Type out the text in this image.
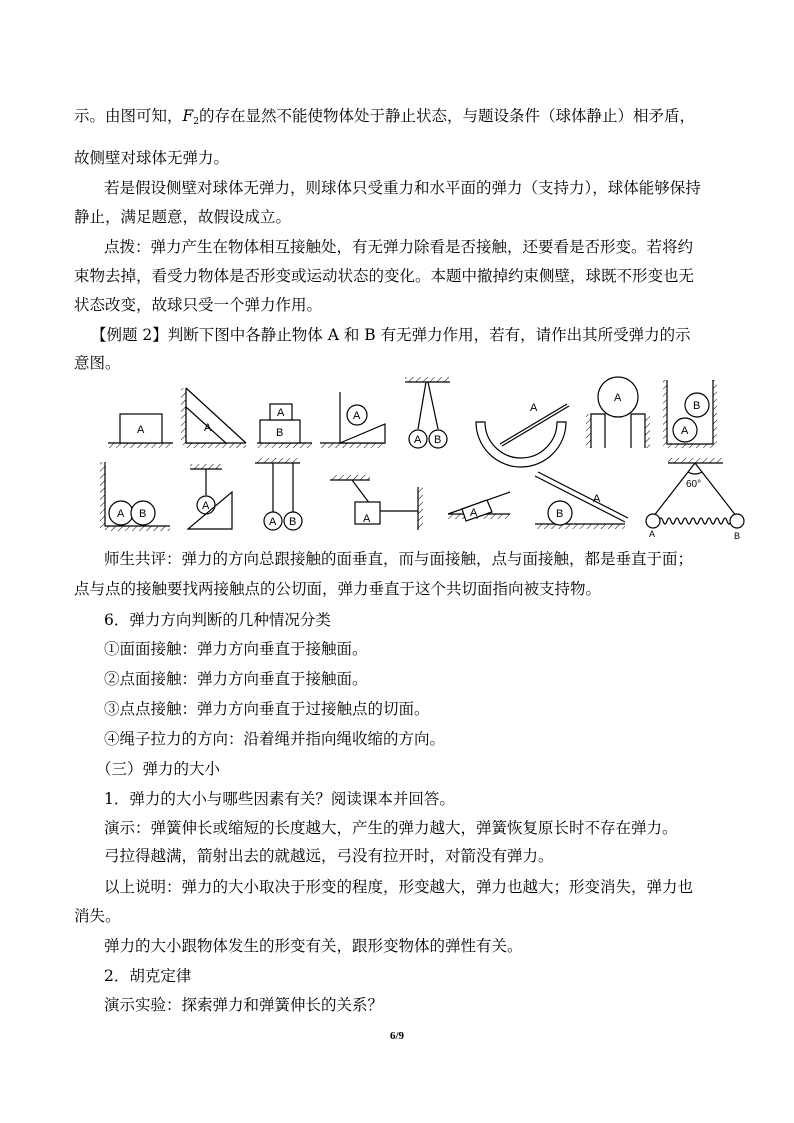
示。由图可知，$F_2$的存在显然不能使物体处于静止状态，与题设条件（球体静止）相矛盾，
故侧壁对球体无弹力。
若是假设侧壁对球体无弹力，则球体只受重力和水平面的弹力（支持力），球体能够保持
静止，满足题意，故假设成立。
点拨：弹力产生在物体相互接触处，有无弹力除看是否接触，还要看是否形变。若将约
束物去掉，看受力物体是否形变或运动状态的变化。本题中撤掉约束侧壁，球既不形变也无
状态改变，故球只受一个弹力作用。
【例题 2】判断下图中各静止物体 A 和 B 有无弹力作用，若有，请作出其所受弹力的示
意图。
A	A
A
B
A
A B
A
A
B
A
A B
A
A B	A	A	B
A
60°
A	B
师生共评：弹力的方向总跟接触的面垂直，而与面接触，点与面接触，都是垂直于面；
点与点的接触要找两接触点的公切面，弹力垂直于这个共切面指向被支持物。
6．弹力方向判断的几种情况分类
①面面接触：弹力方向垂直于接触面。
②点面接触：弹力方向垂直于接触面。
③点点接触：弹力方向垂直于过接触点的切面。
④绳子拉力的方向：沿着绳并指向绳收缩的方向。
（三）弹力的大小
1．弹力的大小与哪些因素有关？阅读课本并回答。
演示：弹簧伸长或缩短的长度越大，产生的弹力越大，弹簧恢复原长时不存在弹力。
弓拉得越满，箭射出去的就越远，弓没有拉开时，对箭没有弹力。
以上说明：弹力的大小取决于形变的程度，形变越大，弹力也越大；形变消失，弹力也
消失。
弹力的大小跟物体发生的形变有关，跟形变物体的弹性有关。
2．胡克定律
演示实验：探索弹力和弹簧伸长的关系？
6/9
